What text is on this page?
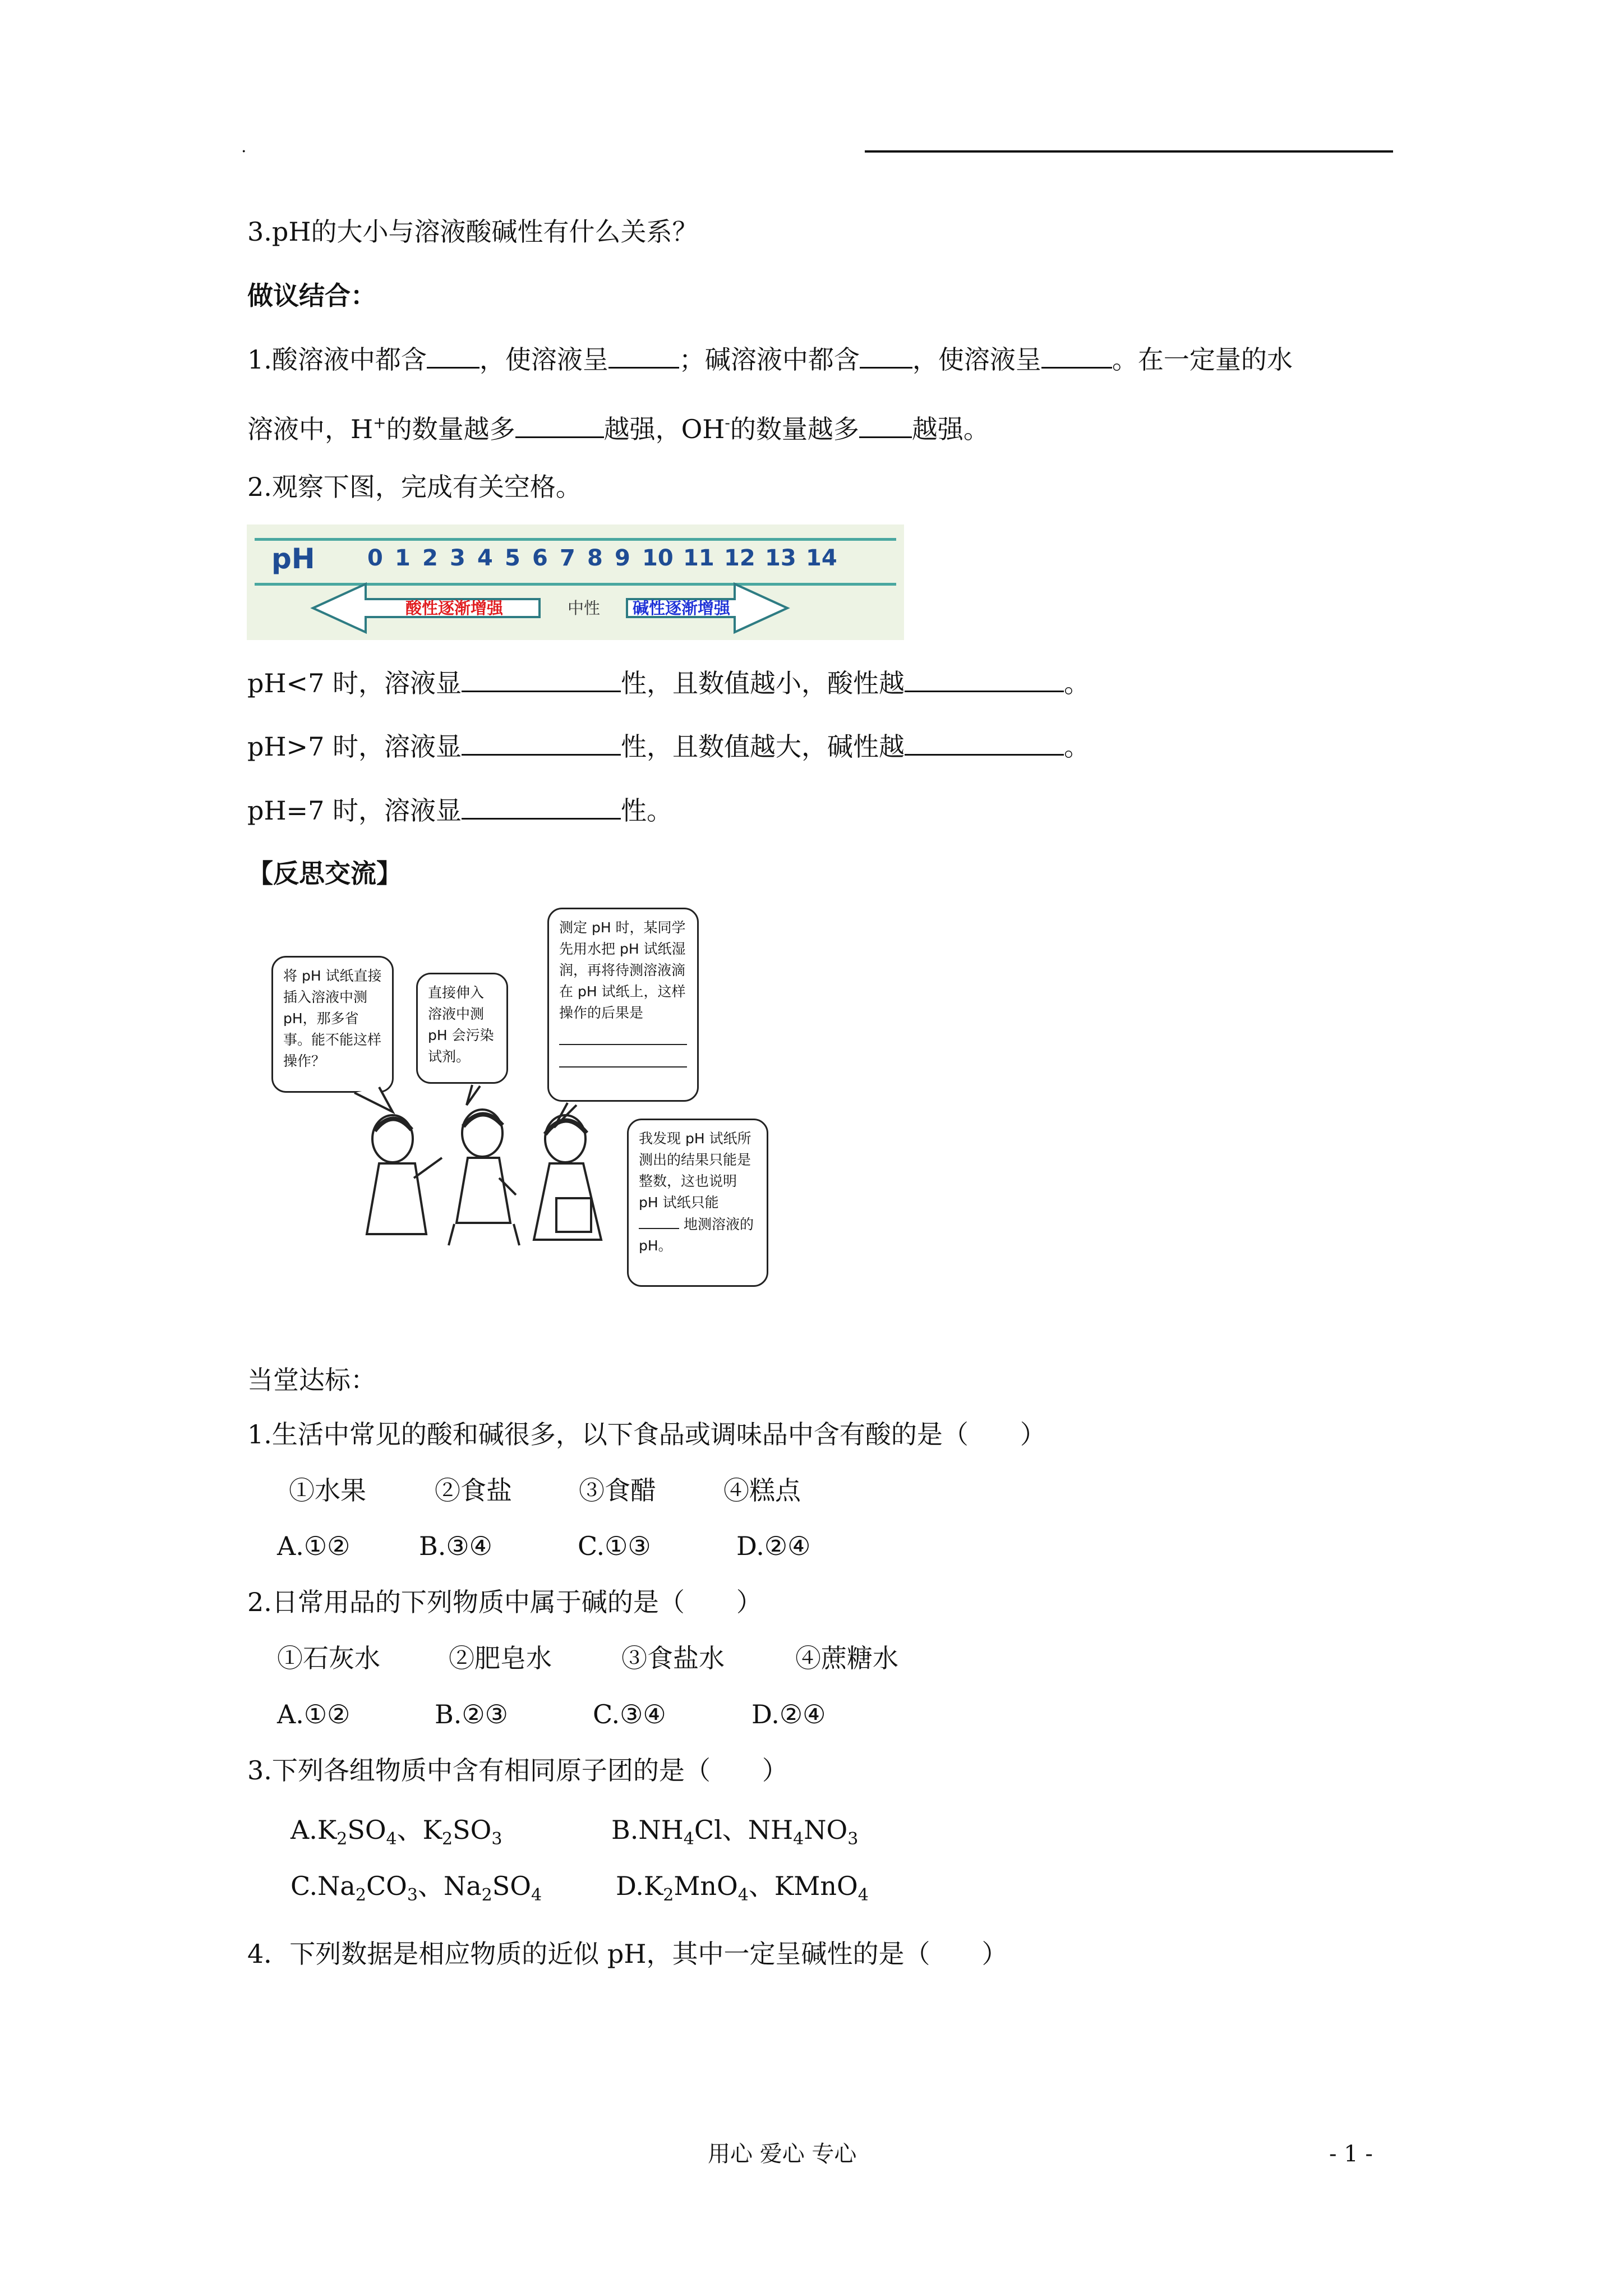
.
3.pH的大小与溶液酸碱性有什么关系？
做议结合：
1.酸溶液中都含 ，使溶液呈	；碱溶液中都含 ，使溶液呈	。在一定量的水
溶液中，H+的数量越多	越强，OH-的数量越多 越强。
2.观察下图，完成有关空格。
pH 0 1 2 3 4 5 6 7 8 9 10 11 12 13 14
酸性逐渐增强	中性	碱性逐渐增强
pH<7 时，溶液显	性，且数值越小，酸性越	。
pH>7 时，溶液显	性，且数值越大，碱性越	。
pH=7 时，溶液显	性。
【反思交流】
将 pH 试纸直接插入溶液中测 pH，那多省事。能不能这样操作？
直接伸入溶液中测 pH 会污染试剂。
测定 pH 时，某同学先用水把 pH 试纸湿润，再将待测溶液滴在 pH 试纸上，这样操作的后果是
我发现 pH 试纸所测出的结果只能是整数，这也说明 pH 试纸只能  地测溶液的 pH。
当堂达标：
1.生活中常见的酸和碱很多，以下食品或调味品中含有酸的是（　　）
①水果	②食盐	③食醋	④糕点
A.①②	B.③④	C.①③	D.②④
2.日常用品的下列物质中属于碱的是（　　）
①石灰水	②肥皂水	③食盐水	④蔗糖水
A.①②	B.②③	C.③④	D.②④
3.下列各组物质中含有相同原子团的是（　　）
$A.K_2SO_4$、$K_2SO_3$	$B.NH_4Cl$、$NH_4NO_3$
$C.Na_2CO_3$、$Na_2SO_4$	$D.K_2MnO_4$、KMnO$_4$
4．下列数据是相应物质的近似 pH，其中一定呈碱性的是（　　）
用心 爱心 专心	- 1 -
